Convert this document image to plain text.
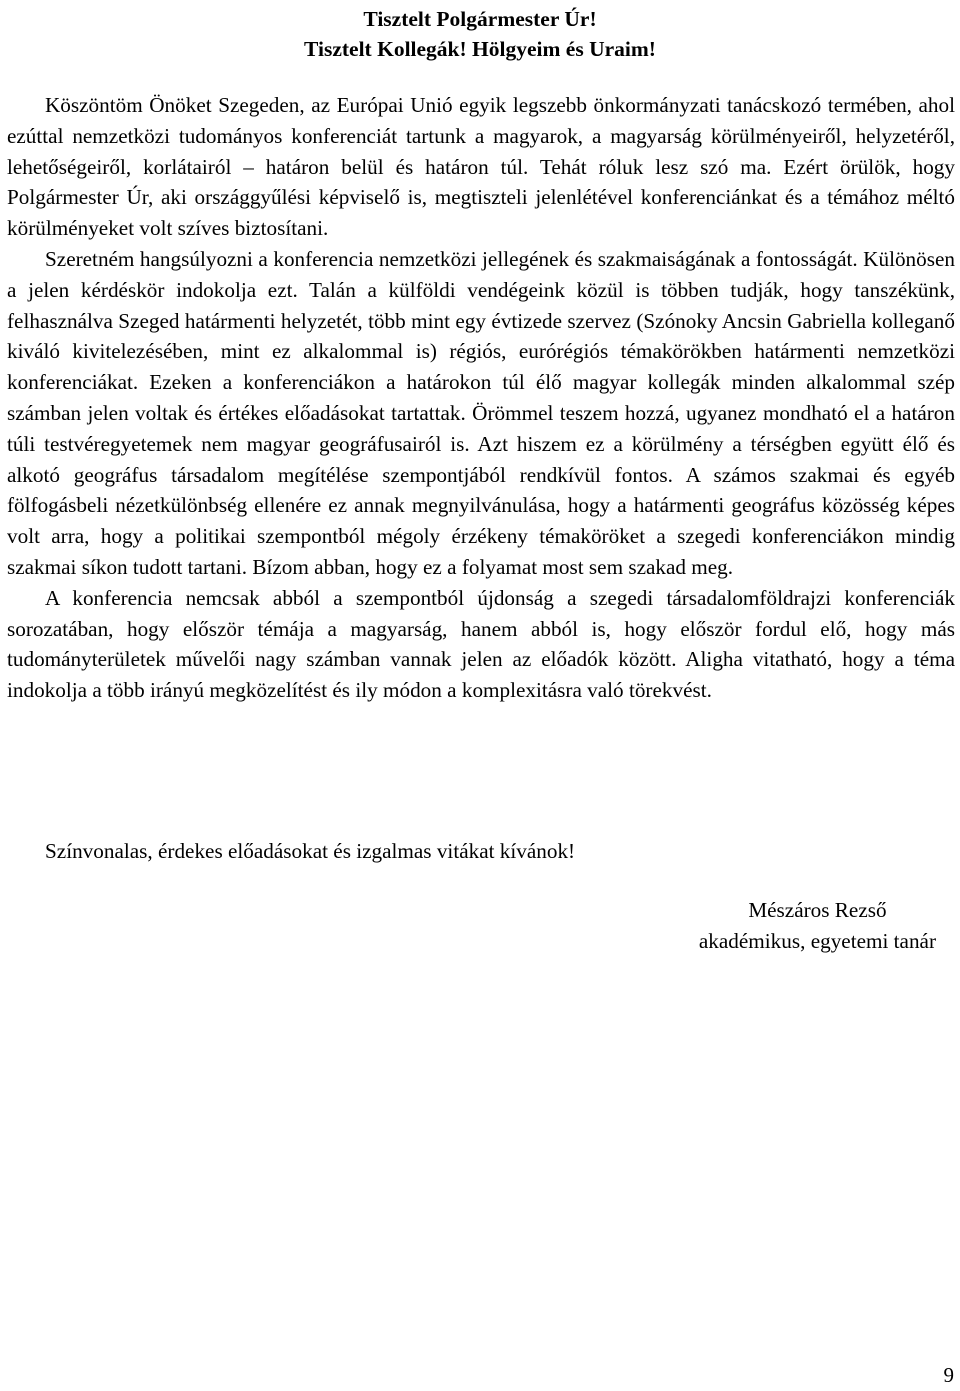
Tisztelt Polgármester Úr!
Tisztelt Kollegák! Hölgyeim és Uraim!

Köszöntöm Önöket Szegeden, az Európai Unió egyik legszebb önkormányzati tanácskozó termében, ahol ezúttal nemzetközi tudományos konferenciát tartunk a magyarok, a magyarság körülményeiről, helyzetéről, lehetőségeiről, korlátairól – határon belül és határon túl. Tehát róluk lesz szó ma. Ezért örülök, hogy Polgármester Úr, aki országgyűlési képviselő is, megtiszteli jelenlétével konferenciánkat és a témához méltó körülményeket volt szíves biztosítani.

Szeretném hangsúlyozni a konferencia nemzetközi jellegének és szakmaiságának a fontosságát. Különösen a jelen kérdéskör indokolja ezt. Talán a külföldi vendégeink közül is többen tudják, hogy tanszékünk, felhasználva Szeged határmenti helyzetét, több mint egy évtizede szervez (Szónoky Ancsin Gabriella kolleganő kiváló kivitelezésében, mint ez alkalommal is) régiós, eurórégiós témakörökben határmenti nemzetközi konferenciákat. Ezeken a konferenciákon a határokon túl élő magyar kollegák minden alkalommal szép számban jelen voltak és értékes előadásokat tartattak. Örömmel teszem hozzá, ugyanez mondható el a határon túli testvéregyetemek nem magyar geográfusairól is. Azt hiszem ez a körülmény a térségben együtt élő és alkotó geográfus társadalom megítélése szempontjából rendkívül fontos. A számos szakmai és egyéb fölfogásbeli nézetkülönbség ellenére ez annak megnyilvánulása, hogy a határmenti geográfus közösség képes volt arra, hogy a politikai szempontból mégoly érzékeny témaköröket a szegedi konferenciákon mindig szakmai síkon tudott tartani. Bízom abban, hogy ez a folyamat most sem szakad meg.

A konferencia nemcsak abból a szempontból újdonság a szegedi társadalomföldrajzi konferenciák sorozatában, hogy először témája a magyarság, hanem abból is, hogy először fordul elő, hogy más tudományterületek művelői nagy számban vannak jelen az előadók között. Aligha vitatható, hogy a téma indokolja a több irányú megközelítést és ily módon a komplexitásra való törekvést.

Színvonalas, érdekes előadásokat és izgalmas vitákat kívánok!
Mészáros Rezső
akadémikus, egyetemi tanár
9
